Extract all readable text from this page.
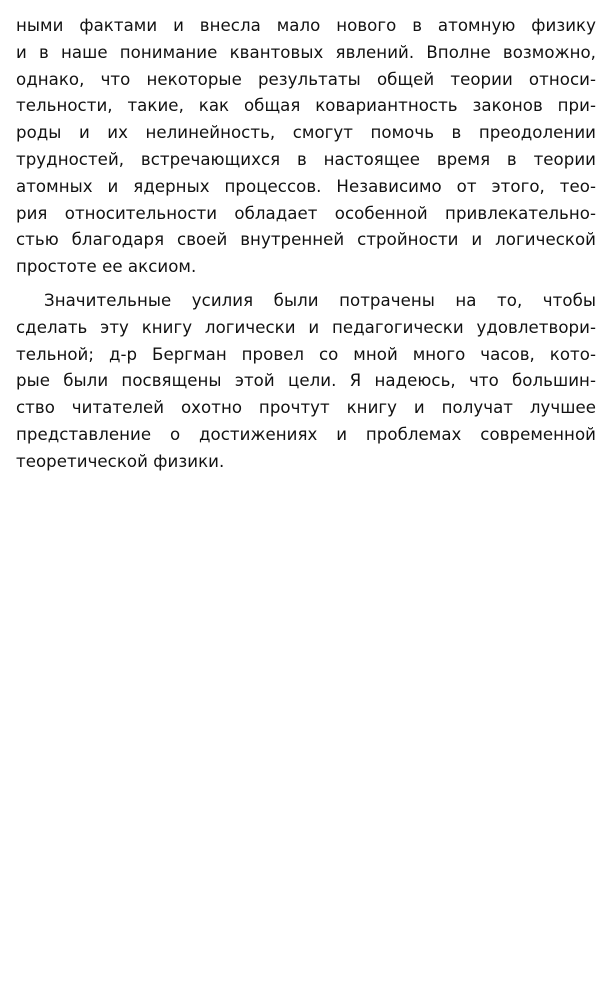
ными фактами и внесла мало нового в атомную физику
и в наше понимание квантовых явлений. Вполне возможно,
однако, что некоторые результаты общей теории относи-
тельности, такие, как общая ковариантность законов при-
роды и их нелинейность, смогут помочь в преодолении
трудностей, встречающихся в настоящее время в теории
атомных и ядерных процессов. Независимо от этого, тео-
рия относительности обладает особенной привлекательно-
стью благодаря своей внутренней стройности и логической
простоте ее аксиом.
Значительные усилия были потрачены на то, чтобы
сделать эту книгу логически и педагогически удовлетвори-
тельной; д-р Бергман провел со мной много часов, кото-
рые были посвящены этой цели. Я надеюсь, что большин-
ство читателей охотно прочтут книгу и получат лучшее
представление о достижениях и проблемах современной
теоретической физики.
